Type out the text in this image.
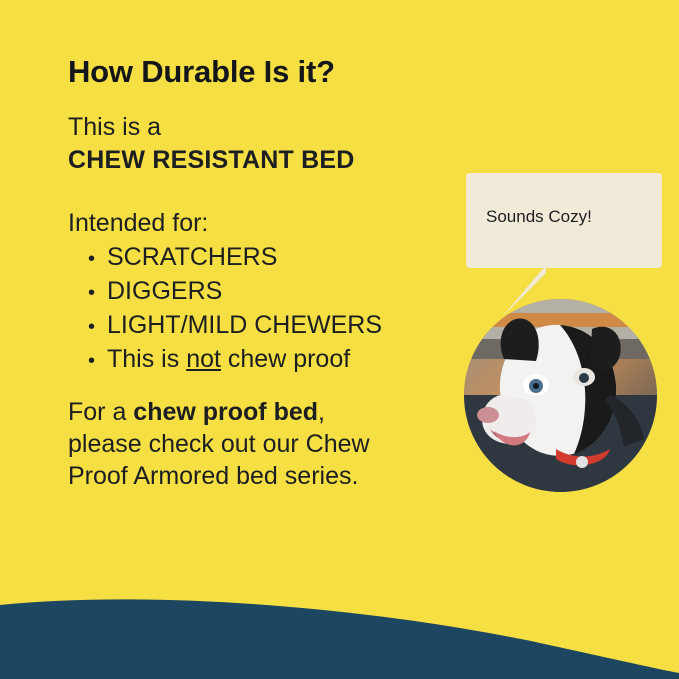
How Durable Is it?
This is a
CHEW RESISTANT BED
Intended for:
• SCRATCHERS
• DIGGERS
• LIGHT/MILD CHEWERS
• This is not chew proof
For a chew proof bed,
please check out our Chew
Proof Armored bed series.
Sounds Cozy!
